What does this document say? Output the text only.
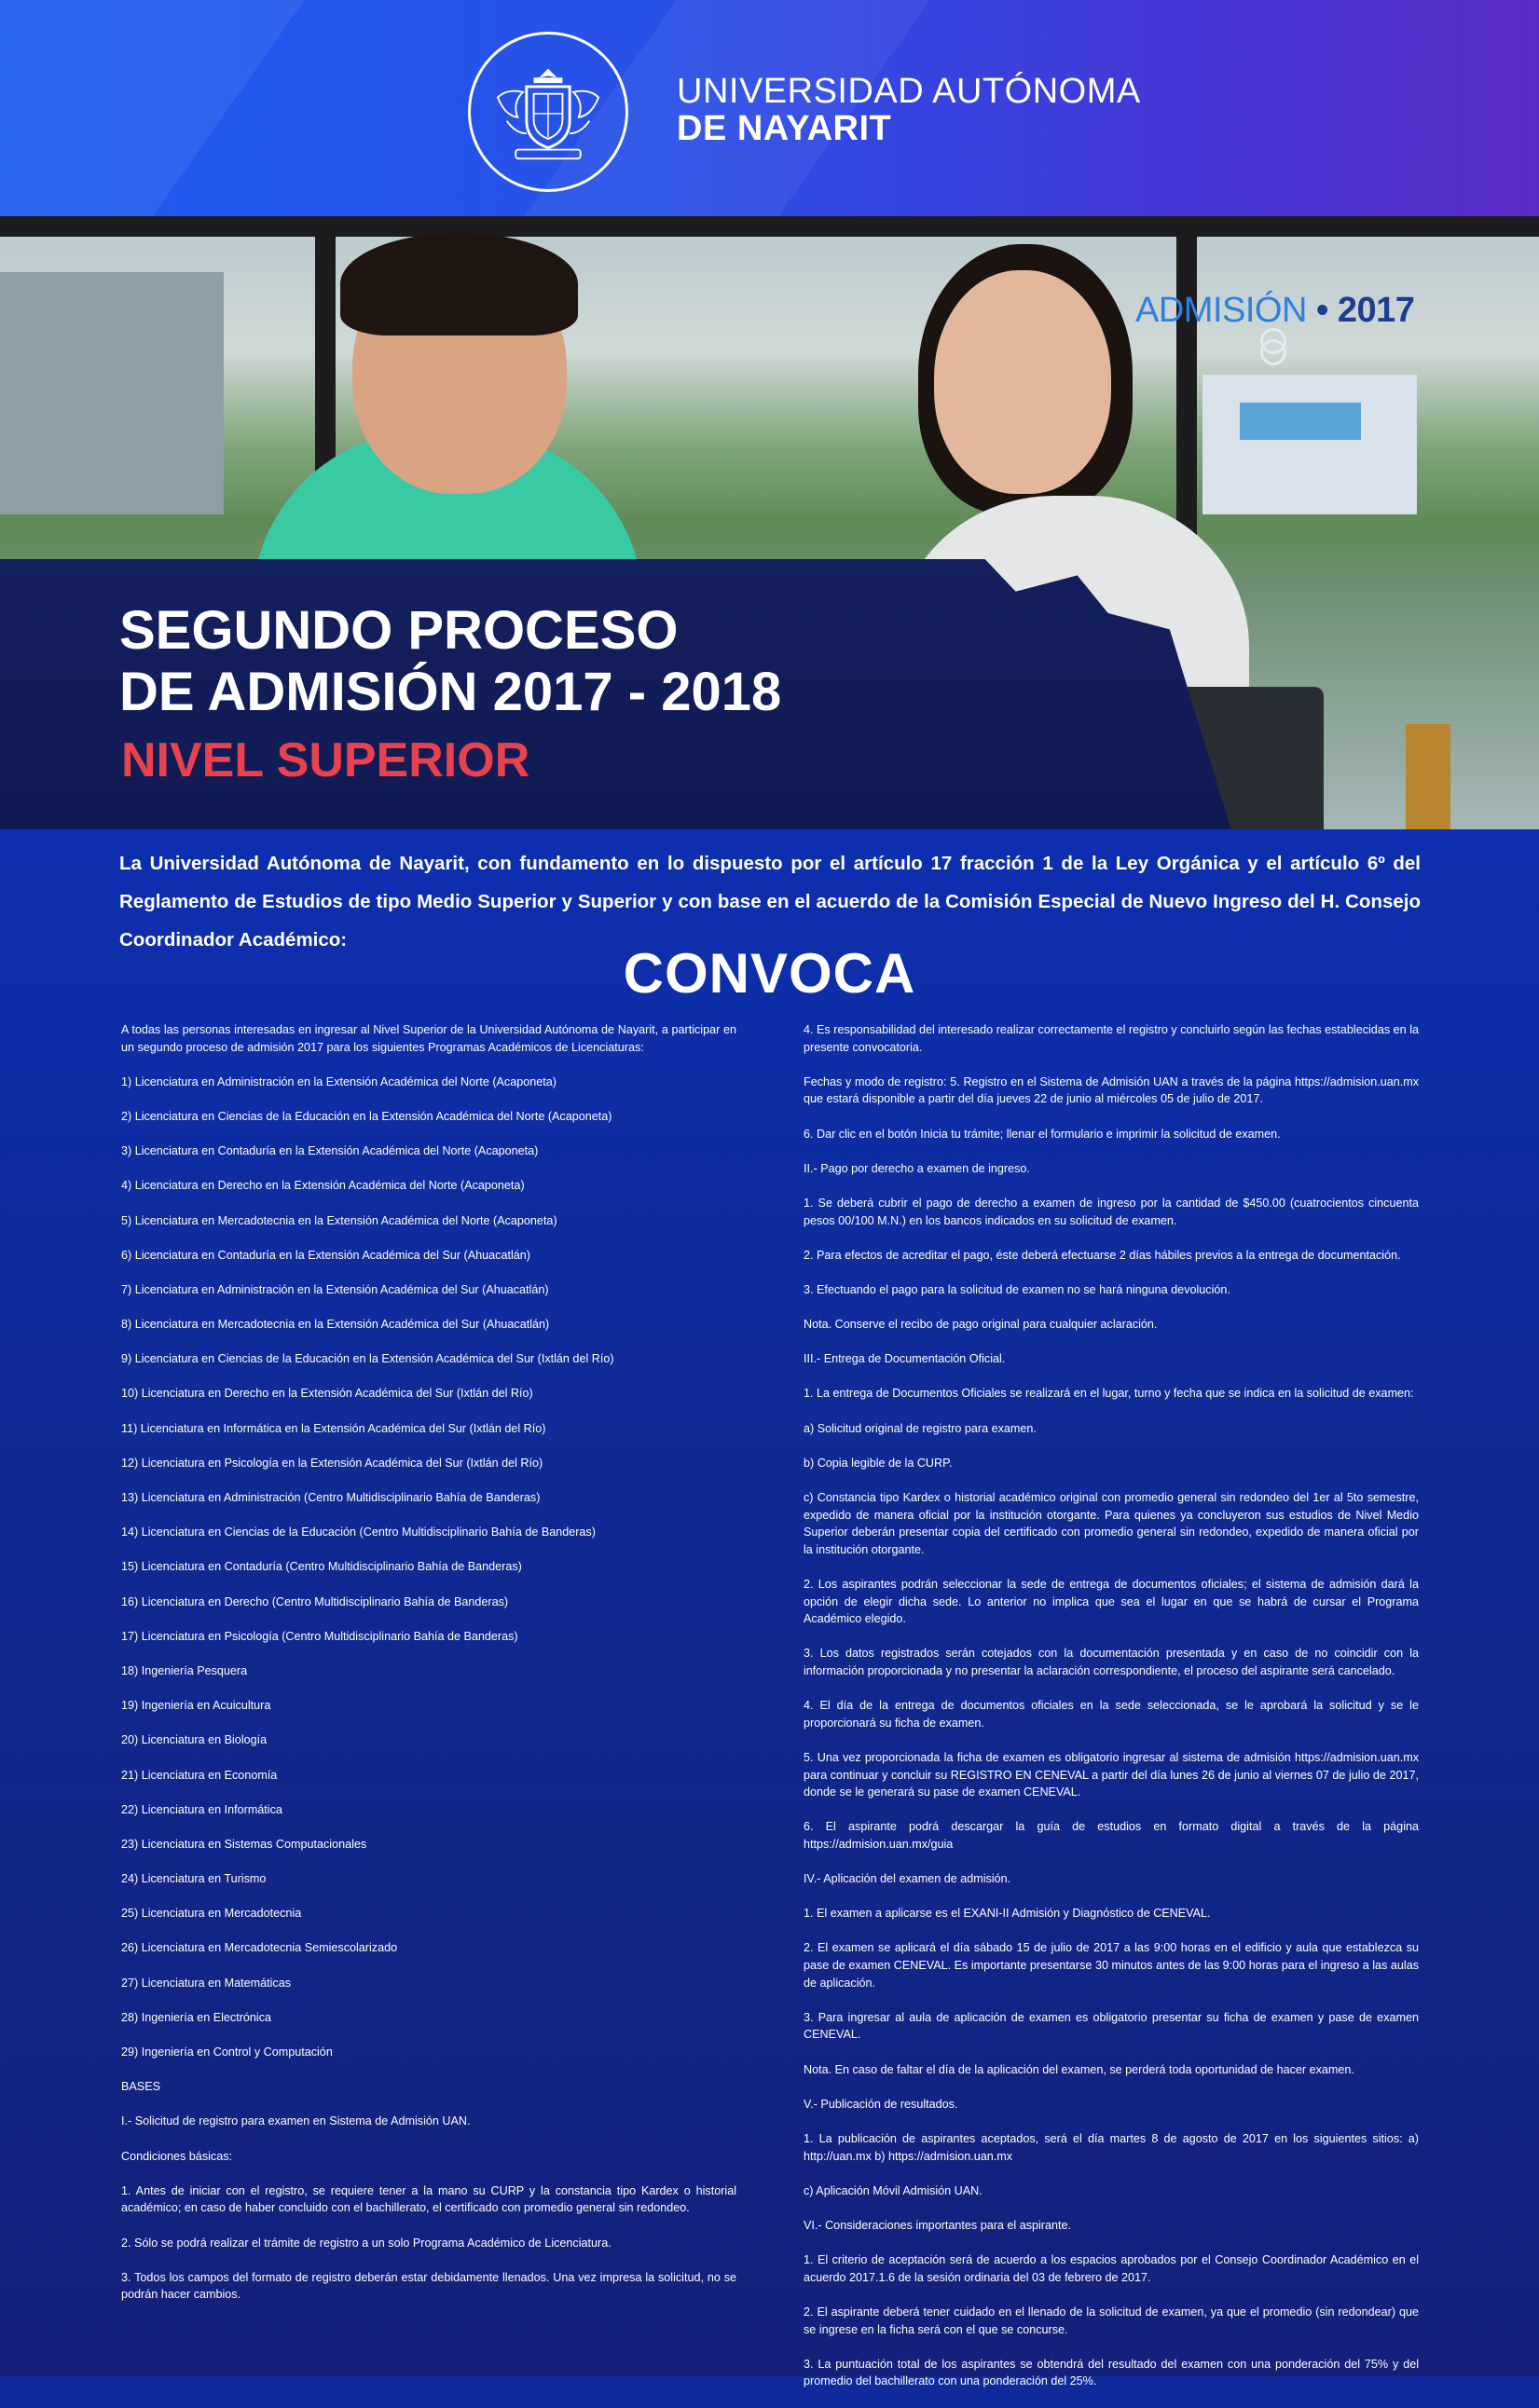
UNIVERSIDAD AUTÓNOMA
DE NAYARIT
ADMISIÓN • 2017
SEGUNDO PROCESO
DE ADMISIÓN 2017 - 2018
NIVEL SUPERIOR
La Universidad Autónoma de Nayarit, con fundamento en lo dispuesto por el artículo 17 fracción 1 de la Ley Orgánica y el artículo 6º del Reglamento de Estudios de tipo Medio Superior y Superior y con base en el acuerdo de la Comisión Especial de Nuevo Ingreso del H. Consejo Coordinador Académico:
CONVOCA

A todas las personas interesadas en ingresar al Nivel Superior de la Universidad Autónoma de Nayarit, a participar en un segundo proceso de admisión 2017 para los siguientes Programas Académicos de Licenciaturas:

1) Licenciatura en Administración en la Extensión Académica del Norte (Acaponeta)

2) Licenciatura en Ciencias de la Educación en la Extensión Académica del Norte (Acaponeta)

3) Licenciatura en Contaduría en la Extensión Académica del Norte (Acaponeta)

4) Licenciatura en Derecho en la Extensión Académica del Norte (Acaponeta)

5) Licenciatura en Mercadotecnia en la Extensión Académica del Norte (Acaponeta)

6) Licenciatura en Contaduría en la Extensión Académica del Sur (Ahuacatlán)

7) Licenciatura en Administración en la Extensión Académica del Sur (Ahuacatlán)

8) Licenciatura en Mercadotecnia en la Extensión Académica del Sur (Ahuacatlán)

9) Licenciatura en Ciencias de la Educación en la Extensión Académica del Sur (Ixtlán del Río)

10) Licenciatura en Derecho en la Extensión Académica del Sur (Ixtlán del Río)

11) Licenciatura en Informática en la Extensión Académica del Sur (Ixtlán del Río)

12) Licenciatura en Psicología en la Extensión Académica del Sur (Ixtlán del Río)

13) Licenciatura en Administración (Centro Multidisciplinario Bahía de Banderas)

14) Licenciatura en Ciencias de la Educación (Centro Multidisciplinario Bahía de Banderas)

15) Licenciatura en Contaduría (Centro Multidisciplinario Bahía de Banderas)

16) Licenciatura en Derecho (Centro Multidisciplinario Bahía de Banderas)

17) Licenciatura en Psicología (Centro Multidisciplinario Bahía de Banderas)

18) Ingeniería Pesquera

19) Ingeniería en Acuicultura

20) Licenciatura en Biología

21) Licenciatura en Economía

22) Licenciatura en Informática

23) Licenciatura en Sistemas Computacionales

24) Licenciatura en Turismo

25) Licenciatura en Mercadotecnia

26) Licenciatura en Mercadotecnia Semiescolarizado

27) Licenciatura en Matemáticas

28) Ingeniería en Electrónica

29) Ingeniería en Control y Computación

BASES

I.- Solicitud de registro para examen en Sistema de Admisión UAN.

Condiciones básicas:

1. Antes de iniciar con el registro, se requiere tener a la mano su CURP y la constancia tipo Kardex o historial académico; en caso de haber concluido con el bachillerato, el certificado con promedio general sin redondeo.

2. Sólo se podrá realizar el trámite de registro a un solo Programa Académico de Licenciatura.

3. Todos los campos del formato de registro deberán estar debidamente llenados. Una vez impresa la solicitud, no se podrán hacer cambios.

4. Es responsabilidad del interesado realizar correctamente el registro y concluirlo según las fechas establecidas en la presente convocatoria.

Fechas y modo de registro: 5. Registro en el Sistema de Admisión UAN a través de la página https://admision.uan.mx que estará disponible a partir del día jueves 22 de junio al miércoles 05 de julio de 2017.

6. Dar clic en el botón Inicia tu trámite; llenar el formulario e imprimir la solicitud de examen.

II.- Pago por derecho a examen de ingreso.

1. Se deberá cubrir el pago de derecho a examen de ingreso por la cantidad de $450.00 (cuatrocientos cincuenta pesos 00/100 M.N.) en los bancos indicados en su solicitud de examen.

2. Para efectos de acreditar el pago, éste deberá efectuarse 2 días hábiles previos a la entrega de documentación.

3. Efectuando el pago para la solicitud de examen no se hará ninguna devolución.

Nota. Conserve el recibo de pago original para cualquier aclaración.

III.- Entrega de Documentación Oficial.

1. La entrega de Documentos Oficiales se realizará en el lugar, turno y fecha que se indica en la solicitud de examen:

a) Solicitud original de registro para examen.

b) Copia legible de la CURP.

c) Constancia tipo Kardex o historial académico original con promedio general sin redondeo del 1er al 5to semestre, expedido de manera oficial por la institución otorgante. Para quienes ya concluyeron sus estudios de Nivel Medio Superior deberán presentar copia del certificado con promedio general sin redondeo, expedido de manera oficial por la institución otorgante.

2. Los aspirantes podrán seleccionar la sede de entrega de documentos oficiales; el sistema de admisión dará la opción de elegir dicha sede. Lo anterior no implica que sea el lugar en que se habrá de cursar el Programa Académico elegido.

3. Los datos registrados serán cotejados con la documentación presentada y en caso de no coincidir con la información proporcionada y no presentar la aclaración correspondiente, el proceso del aspirante será cancelado.

4. El día de la entrega de documentos oficiales en la sede seleccionada, se le aprobará la solicitud y se le proporcionará su ficha de examen.

5. Una vez proporcionada la ficha de examen es obligatorio ingresar al sistema de admisión https://admision.uan.mx para continuar y concluir su REGISTRO EN CENEVAL a partir del día lunes 26 de junio al viernes 07 de julio de 2017, donde se le generará su pase de examen CENEVAL.

6. El aspirante podrá descargar la guía de estudios en formato digital a través de la página https://admision.uan.mx/guia

IV.- Aplicación del examen de admisión.

1. El examen a aplicarse es el EXANI-II Admisión y Diagnóstico de CENEVAL.

2. El examen se aplicará el día sábado 15 de julio de 2017 a las 9:00 horas en el edificio y aula que establezca su pase de examen CENEVAL. Es importante presentarse 30 minutos antes de las 9:00 horas para el ingreso a las aulas de aplicación.

3. Para ingresar al aula de aplicación de examen es obligatorio presentar su ficha de examen y pase de examen CENEVAL.

Nota. En caso de faltar el día de la aplicación del examen, se perderá toda oportunidad de hacer examen.

V.- Publicación de resultados.

1. La publicación de aspirantes aceptados, será el día martes 8 de agosto de 2017 en los siguientes sitios: a) http://uan.mx b) https://admision.uan.mx

c) Aplicación Móvil Admisión UAN.

VI.- Consideraciones importantes para el aspirante.

1. El criterio de aceptación será de acuerdo a los espacios aprobados por el Consejo Coordinador Académico en el acuerdo 2017.1.6 de la sesión ordinaria del 03 de febrero de 2017.

2. El aspirante deberá tener cuidado en el llenado de la solicitud de examen, ya que el promedio (sin redondear) que se ingrese en la ficha será con el que se concurse.

3. La puntuación total de los aspirantes se obtendrá del resultado del examen con una ponderación del 75% y del promedio del bachillerato con una ponderación del 25%.
